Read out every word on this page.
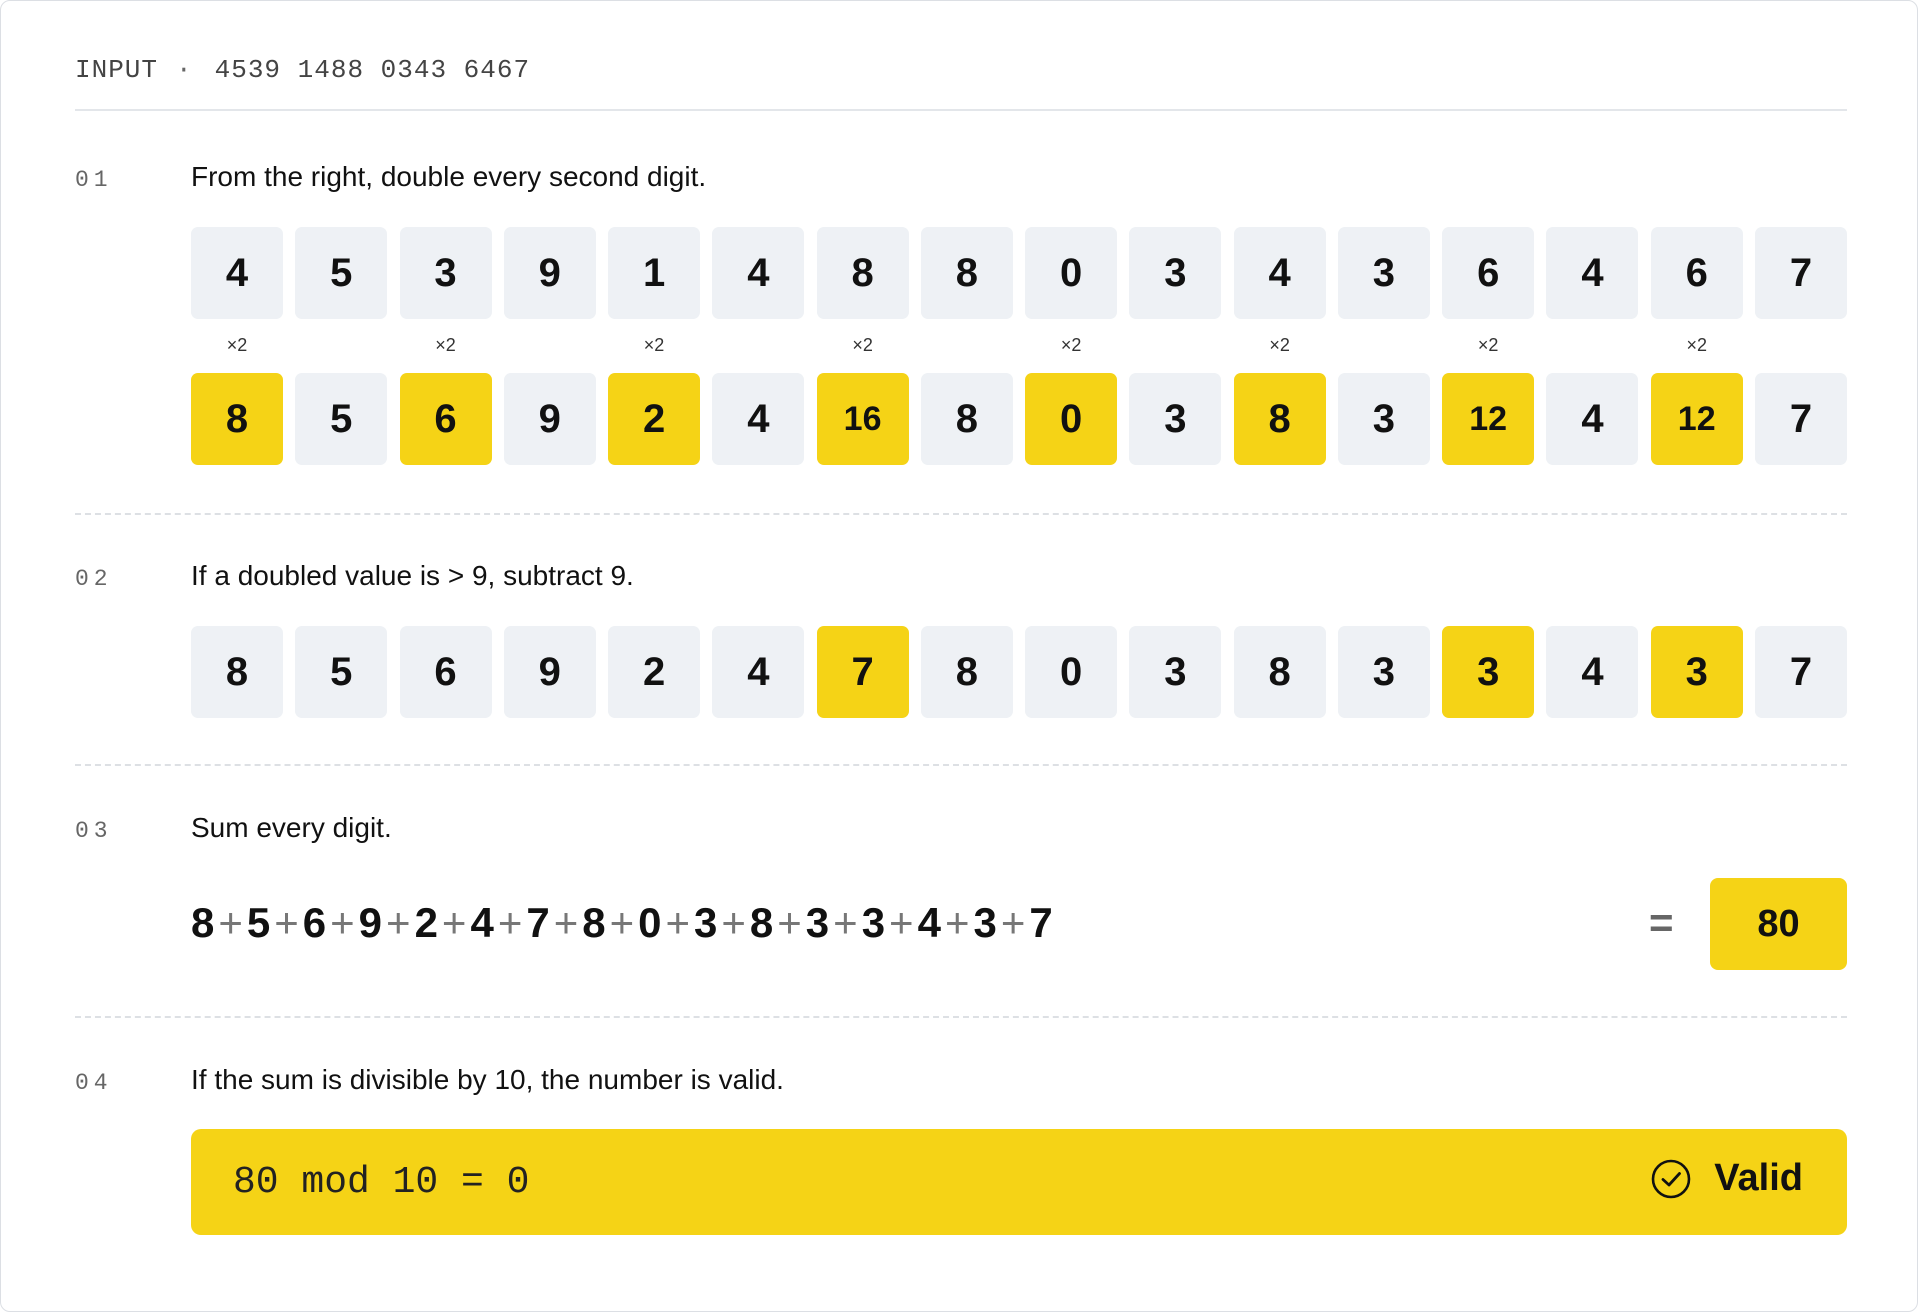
INPUT · 4539 1488 0343 6467
01	From the right, double every second digit.
4	5	3	9	1	4	8	8	0	3	4	3	6	4	6	7
×2	×2	×2	×2	×2	×2	×2	×2
8	5	6	9	2	4	16	8	0	3	8	3	12	4	12	7
02	If a doubled value is > 9, subtract 9.
8	5	6	9	2	4	7	8	0	3	8	3	3	4	3	7
03	Sum every digit.
8+5+6+9+2+4+7+8+0+3+8+3+3+4+3+7	=	80
04	If the sum is divisible by 10, the number is valid.
80 mod 10 = 0	Valid
